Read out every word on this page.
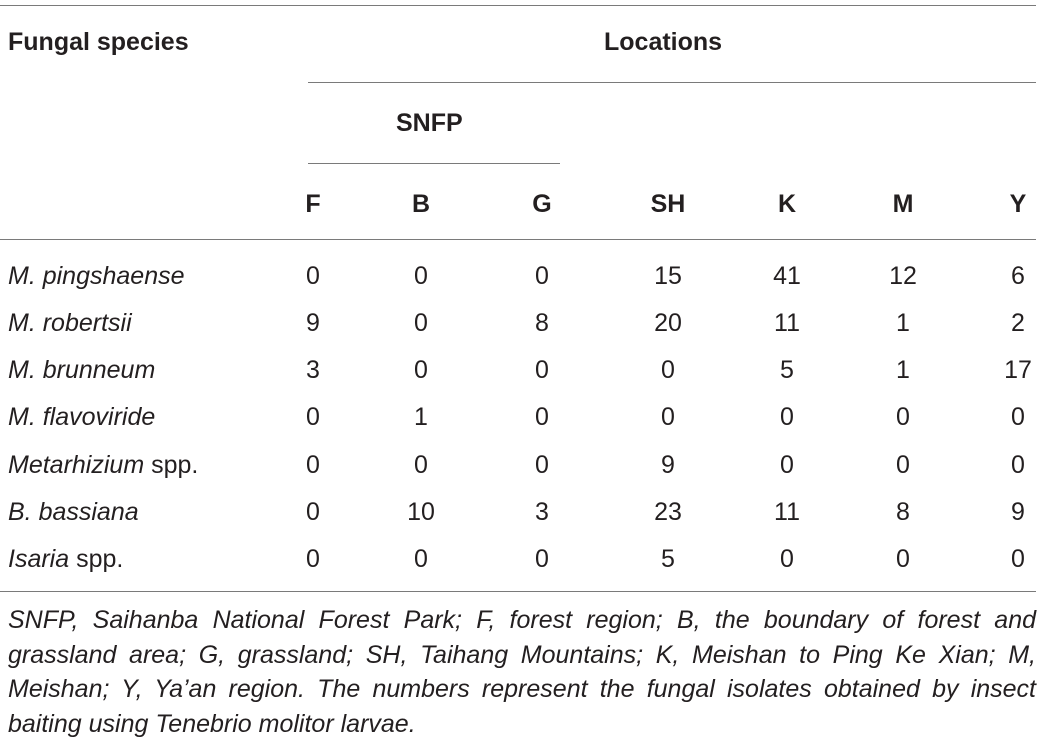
Fungal species	Locations
SNFP
F	B	G	SH	K	M	Y
M. pingshaense	0	0	0	15	41	12	6
M. robertsii	9	0	8	20	11	1	2
M. brunneum	3	0	0	0	5	1	17
M. flavoviride	0	1	0	0	0	0	0
Metarhizium spp.	0	0	0	9	0	0	0
B. bassiana	0	10	3	23	11	8	9
Isaria spp.	0	0	0	5	0	0	0

SNFP, Saihanba National Forest Park; F, forest region; B, the boundary of forest and grassland area; G, grassland; SH, Taihang Mountains; K, Meishan to Ping Ke Xian; M, Meishan; Y, Ya’an region. The numbers represent the fungal isolates obtained by insect baiting using Tenebrio molitor larvae.
